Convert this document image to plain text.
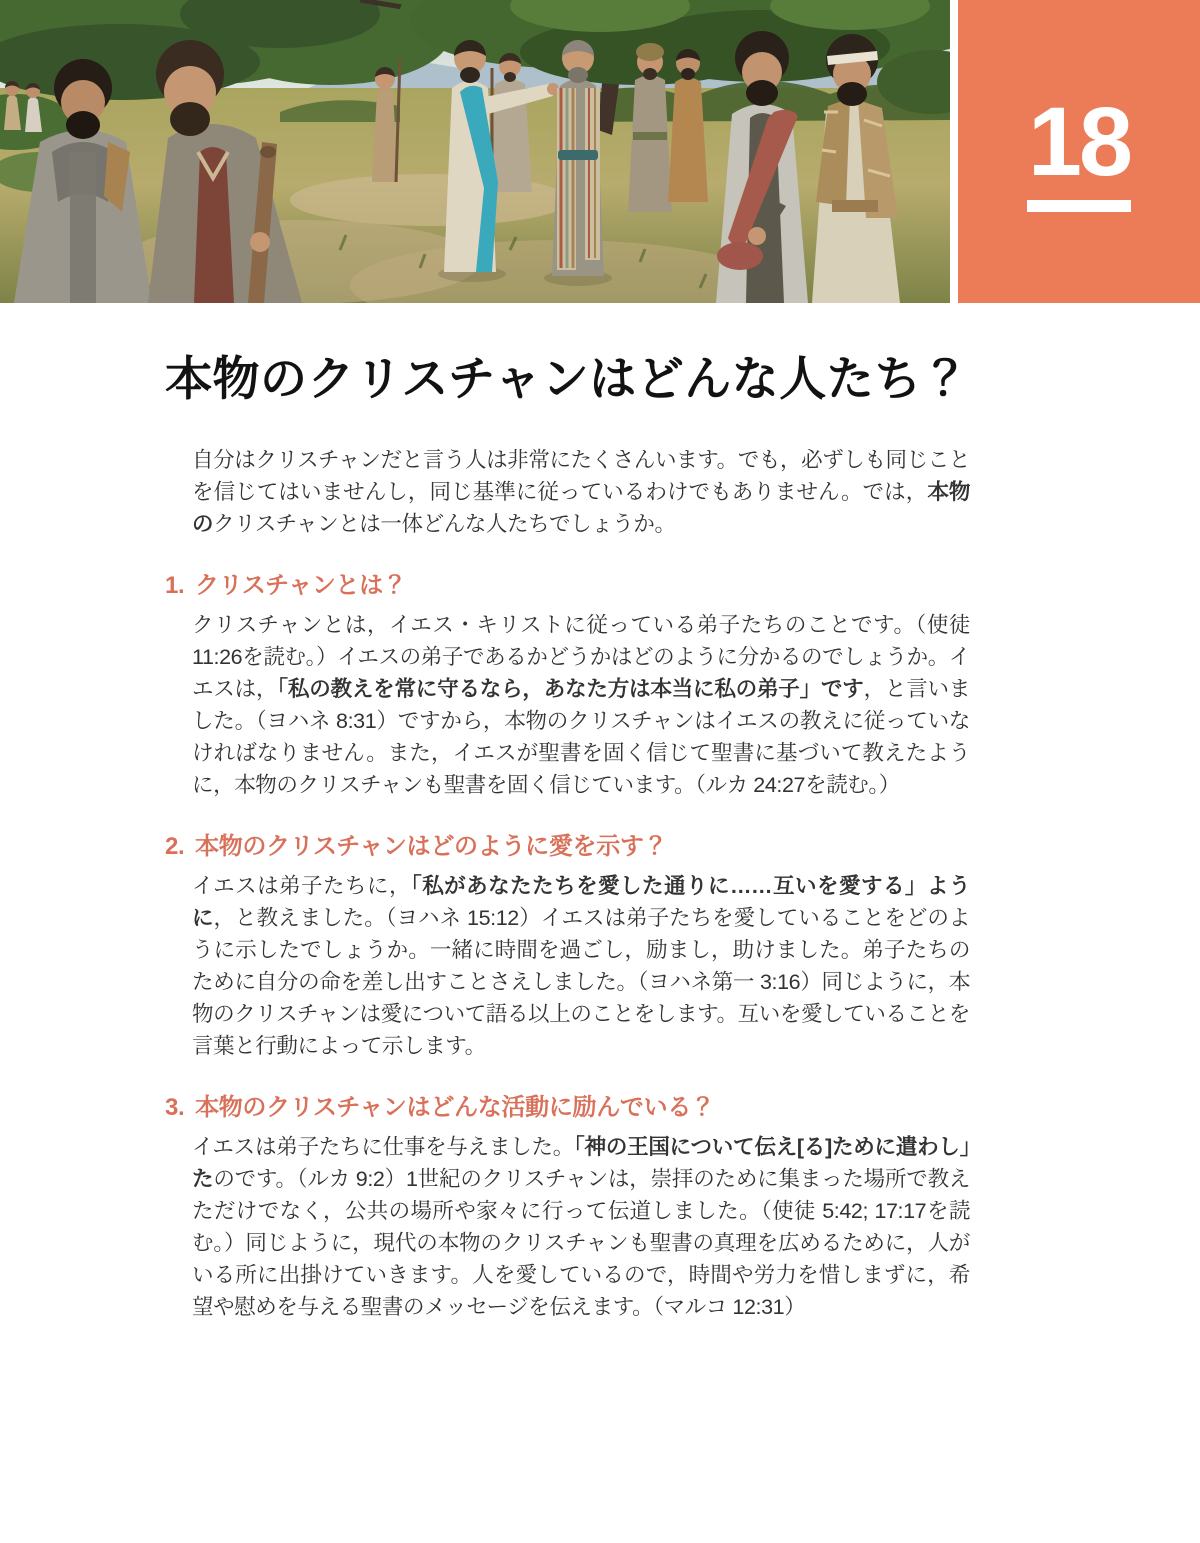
18
本物のクリスチャンはどんな人たち？

自分はクリスチャンだと言う人は非常にたくさんいます。でも，必ずしも同じことを信じてはいませんし，同じ基準に従っているわけでもありません。では，本物のクリスチャンとは一体どんな人たちでしょうか。

1. クリスチャンとは？

クリスチャンとは，イエス・キリストに従っている弟子たちのことです。（使徒 11:26を読む。）イエスの弟子であるかどうかはどのように分かるのでしょうか。イエスは，「私の教えを常に守るなら，あなた方は本当に私の弟子」です，と言いました。（ヨハネ 8:31）ですから，本物のクリスチャンはイエスの教えに従っていなければなりません。また，イエスが聖書を固く信じて聖書に基づいて教えたように，本物のクリスチャンも聖書を固く信じています。（ルカ 24:27を読む。）

2. 本物のクリスチャンはどのように愛を示す？

イエスは弟子たちに，「私があなたたちを愛した通りに……互いを愛する」ように，と教えました。（ヨハネ 15:12）イエスは弟子たちを愛していることをどのように示したでしょうか。一緒に時間を過ごし，励まし，助けました。弟子たちのために自分の命を差し出すことさえしました。（ヨハネ第一 3:16）同じように，本物のクリスチャンは愛について語る以上のことをします。互いを愛していることを言葉と行動によって示します。

3. 本物のクリスチャンはどんな活動に励んでいる？

イエスは弟子たちに仕事を与えました。「神の王国について伝え[る]ために遣わし」たのです。（ルカ 9:2）1世紀のクリスチャンは，崇拝のために集まった場所で教えただけでなく，公共の場所や家々に行って伝道しました。（使徒 5:42; 17:17を読む。）同じように，現代の本物のクリスチャンも聖書の真理を広めるために，人がいる所に出掛けていきます。人を愛しているので，時間や労力を惜しまずに，希望や慰めを与える聖書のメッセージを伝えます。（マルコ 12:31）
